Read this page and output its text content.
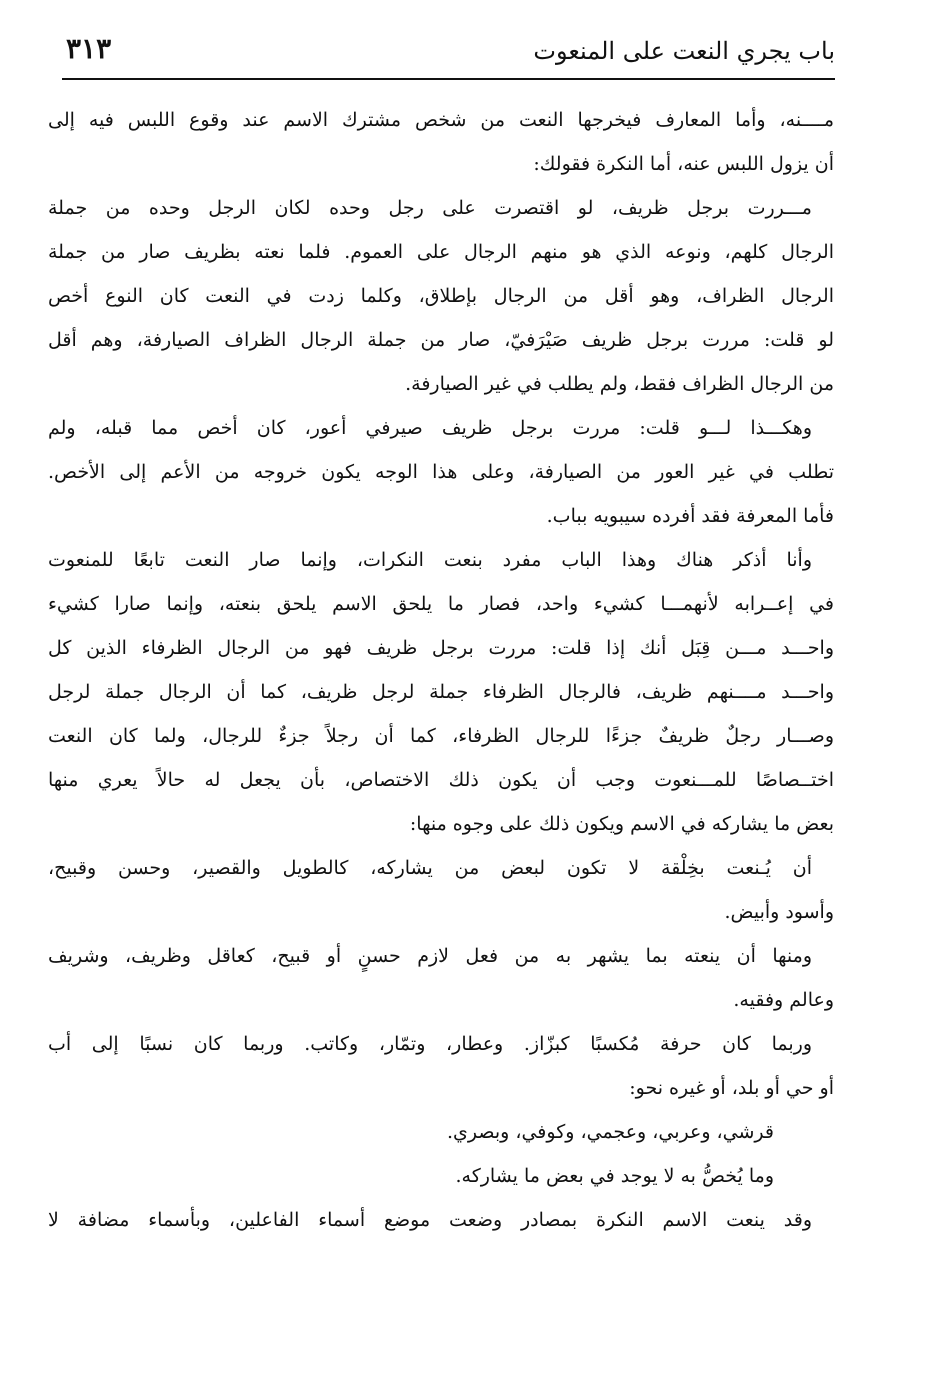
٣١٣	باب يجري النعت على المنعوت
مــــنه، وأما المعارف فيخرجها النعت من شخص مشترك الاسم عند وقوع اللبس فيه إلى
أن يزول اللبس عنه، أما النكرة فقولك:
مـــررت برجل ظريف، لو اقتصرت على رجل وحده لكان الرجل وحده من جملة
الرجال كلهم، ونوعه الذي هو منهم الرجال على العموم. فلما نعته بظريف صار من جملة
الرجال الظراف، وهو أقل من الرجال بإطلاق، وكلما زدت في النعت كان النوع أخص
لو قلت: مررت برجل ظريف صَيْرَفيّ، صار من جملة الرجال الظراف الصيارفة، وهم أقل
من الرجال الظراف فقط، ولم يطلب في غير الصيارفة.
وهكـــذا لـــو قلت: مررت برجل ظريف صيرفي أعور، كان أخص مما قبله، ولم
تطلب في غير العور من الصيارفة، وعلى هذا الوجه يكون خروجه من الأعم إلى الأخص.
فأما المعرفة فقد أفرده سيبويه بباب.
وأنا أذكر هناك وهذا الباب مفرد بنعت النكرات، وإنما صار النعت تابعًا للمنعوت
في إعــرابه لأنهمـــا كشيء واحد، فصار ما يلحق الاسم يلحق بنعته، وإنما صارا كشيء
واحـــد مـــن قِبَل أنك إذا قلت: مررت برجل ظريف فهو من الرجال الظرفاء الذين كل
واحـــد مــــنهم ظريف، فالرجال الظرفاء جملة لرجل ظريف، كما أن الرجال جملة لرجل
وصـــار رجلٌ ظريفٌ جزءًا للرجال الظرفاء، كما أن رجلاً جزءٌ للرجال، ولما كان النعت
اختــصاصًا للمـــنعوت وجب أن يكون ذلك الاختصاص، بأن يجعل له حالاً يعري منها
بعض ما يشاركه في الاسم ويكون ذلك على وجوه منها:
أن يُـنعت بخِلْقة لا تكون لبعض من يشاركه، كالطويل والقصير، وحسن وقبيح،
وأسود وأبيض.
ومنها أن ينعته بما يشهر به من فعل لازم حسنٍ أو قبيح، كعاقل وظريف، وشريف
وعالم وفقيه.
وربما كان حرفة مُكسبًا كبزّاز. وعطار، وتمّار، وكاتب. وربما كان نسبًا إلى أب
أو حي أو بلد، أو غيره نحو:
قرشي، وعربي، وعجمي، وكوفي، وبصري.
وما يُخصُّ به لا يوجد في بعض ما يشاركه.
وقد ينعت الاسم النكرة بمصادر وضعت موضع أسماء الفاعلين، وبأسماء مضافة لا
